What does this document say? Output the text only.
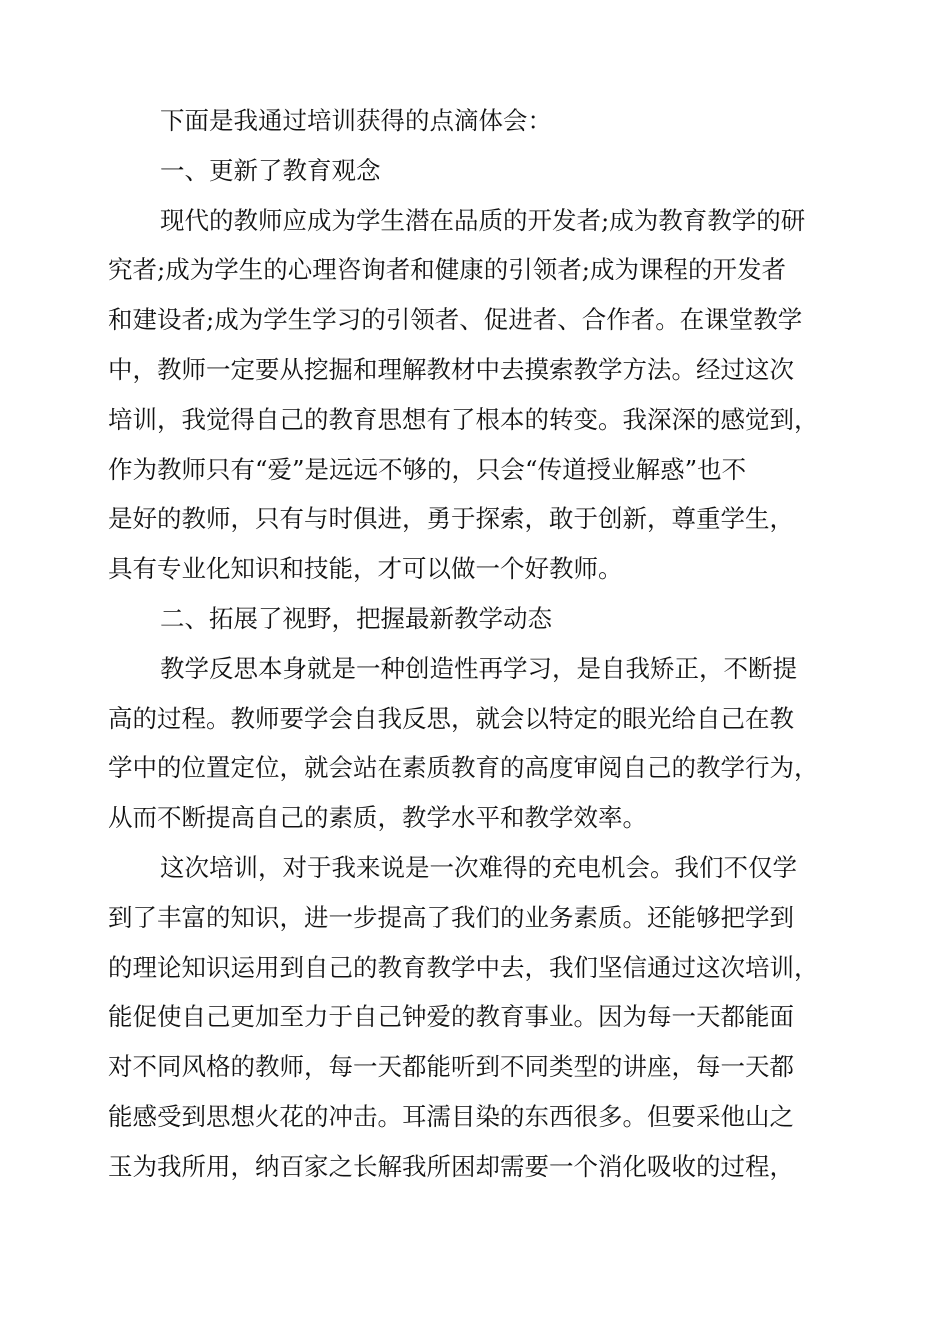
下面是我通过培训获得的点滴体会：
一、更新了教育观念
现代的教师应成为学生潜在品质的开发者;成为教育教学的研
究者;成为学生的心理咨询者和健康的引领者;成为课程的开发者
和建设者;成为学生学习的引领者、促进者、合作者。在课堂教学
中，教师一定要从挖掘和理解教材中去摸索教学方法。经过这次
培训，我觉得自己的教育思想有了根本的转变。我深深的感觉到，
作为教师只有“爱”是远远不够的，只会“传道授业解惑”也不
是好的教师，只有与时俱进，勇于探索，敢于创新，尊重学生，
具有专业化知识和技能，才可以做一个好教师。
二、拓展了视野，把握最新教学动态
教学反思本身就是一种创造性再学习，是自我矫正，不断提
高的过程。教师要学会自我反思，就会以特定的眼光给自己在教
学中的位置定位，就会站在素质教育的高度审阅自己的教学行为，
从而不断提高自己的素质，教学水平和教学效率。
这次培训，对于我来说是一次难得的充电机会。我们不仅学
到了丰富的知识，进一步提高了我们的业务素质。还能够把学到
的理论知识运用到自己的教育教学中去，我们坚信通过这次培训，
能促使自己更加至力于自己钟爱的教育事业。因为每一天都能面
对不同风格的教师，每一天都能听到不同类型的讲座，每一天都
能感受到思想火花的冲击。耳濡目染的东西很多。但要采他山之
玉为我所用，纳百家之长解我所困却需要一个消化吸收的过程，
